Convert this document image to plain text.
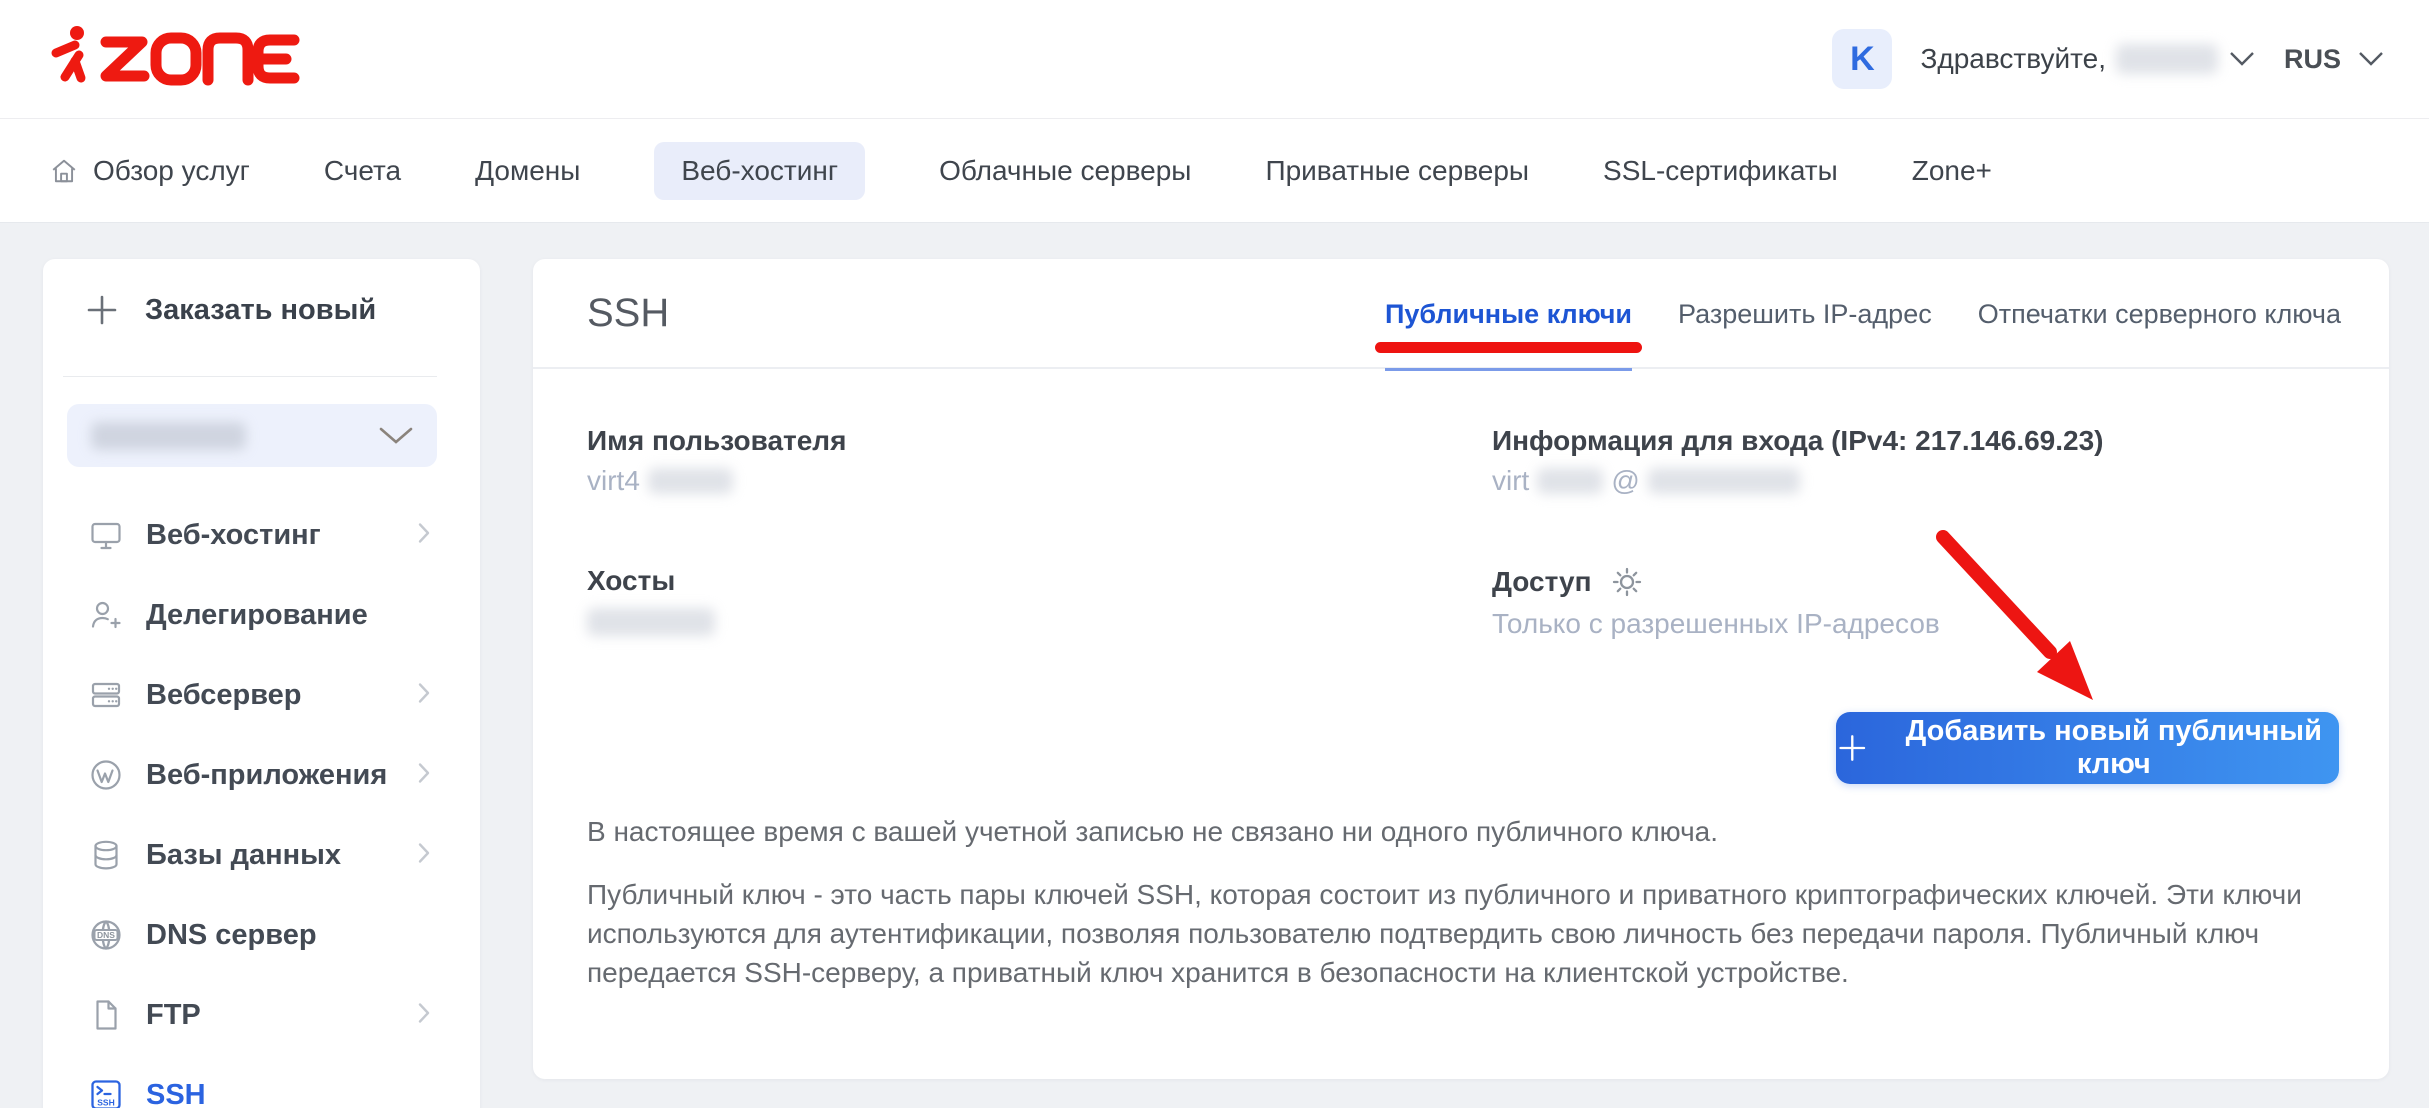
K	Здравствуйте,	RUS
Обзор услуг	Счета	Домены	Веб-хостинг	Облачные серверы	Приватные серверы	SSL-сертификаты	Zone+
Заказать новый
Веб-хостинг
Делегирование
Вебсервер
Веб-приложения
Базы данных
DNS DNS сервер
FTP
SSH SSH
SSH	Публичные ключи Разрешить IP-адрес Отпечатки серверного ключа
Имя пользователя
virt4
Информация для входа (IPv4: 217.146.69.23)
virt	@
Хосты	Доступ
Только с разрешенных IP-адресов
Добавить новый публичный ключ
В настоящее время с вашей учетной записью не связано ни одного публичного ключа.
Публичный ключ - это часть пары ключей SSH, которая состоит из публичного и приватного криптографических ключей. Эти ключи используются для аутентификации, позволяя пользователю подтвердить свою личность без передачи пароля. Публичный ключ передается SSH-серверу, а приватный ключ хранится в безопасности на клиентской устройстве.
